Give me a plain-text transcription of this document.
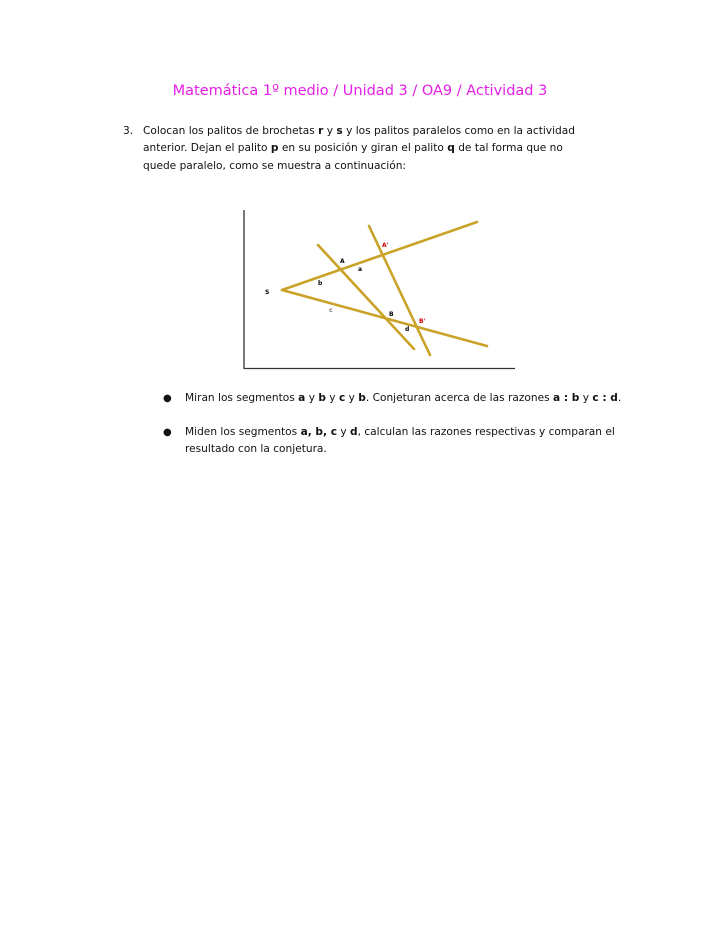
Matemática 1º medio / Unidad 3 / OA9 / Actividad 3
3. Colocan los palitos de brochetas r y s y los palitos paralelos como en la actividad anterior. Dejan el palito p en su posición y giran el palito q de tal forma que no quede paralelo, como se muestra a continuación:
S
A
a
b
c
B
d
A'
B'
● Miran los segmentos a y b y c y b. Conjeturan acerca de las razones a : b y c : d.
● Miden los segmentos a, b, c y d, calculan las razones respectivas y comparan el resultado con la conjetura.
